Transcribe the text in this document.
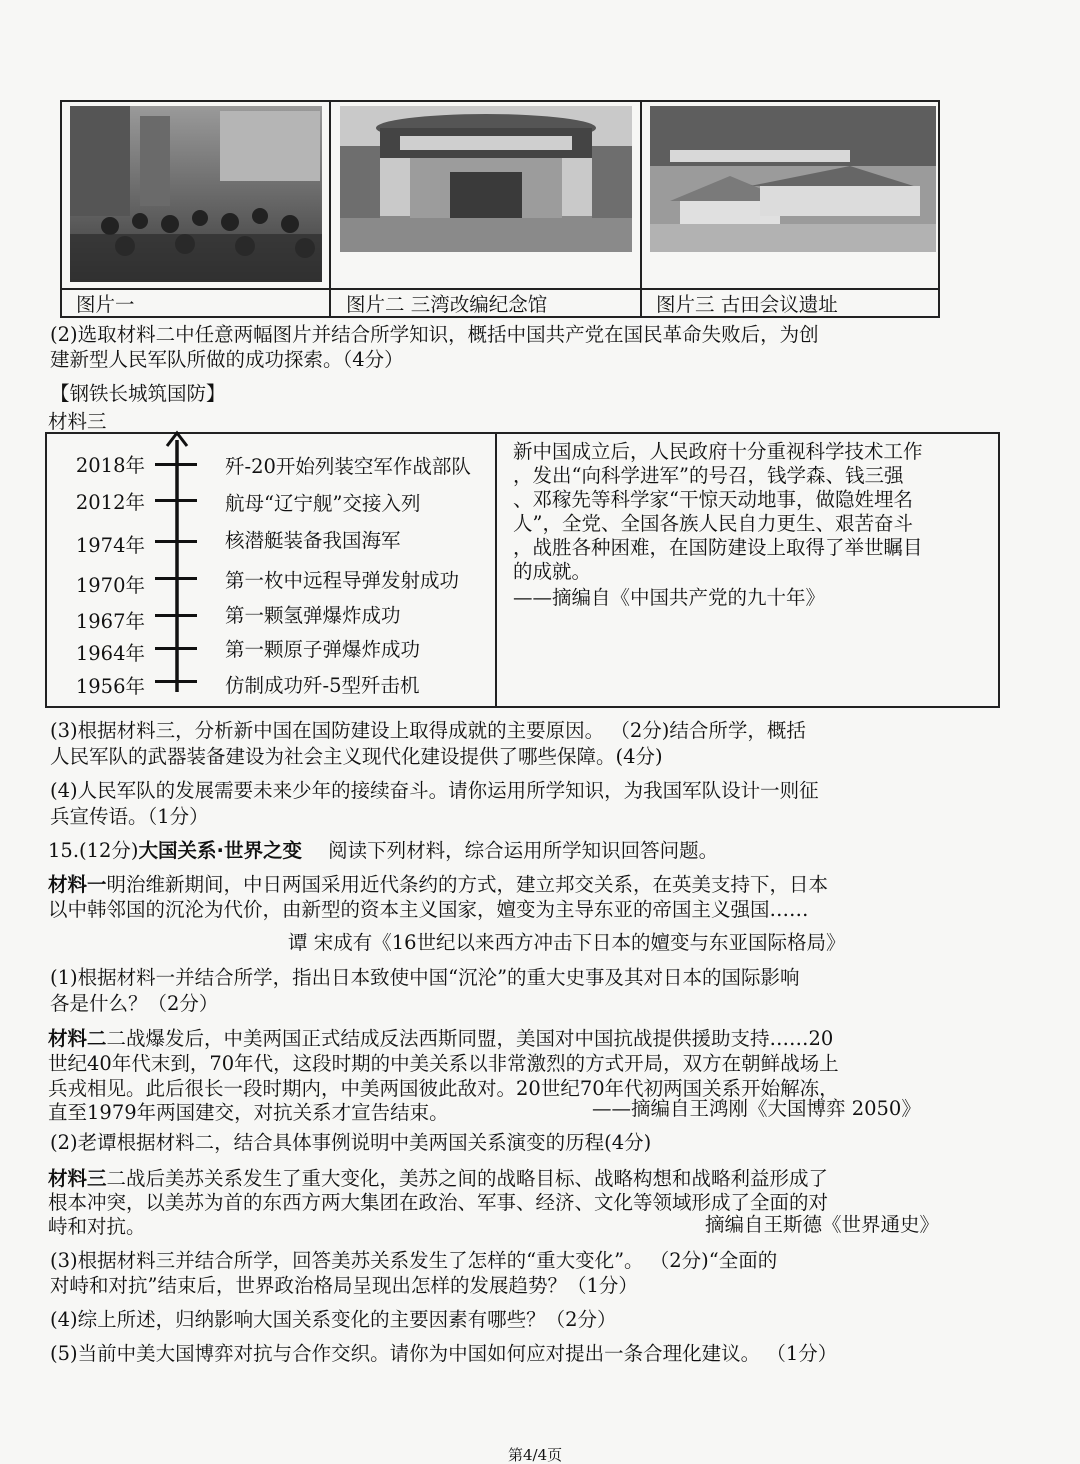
图片一	图片二 三湾改编纪念馆	图片三 古田会议遗址
(2)选取材料二中任意两幅图片并结合所学知识，概括中国共产党在国民革命失败后，为创
建新型人民军队所做的成功探索。（4分）
【钢铁长城筑国防】
材料三
2018年	歼-20开始列装空军作战部队
2012年	航母“辽宁舰”交接入列
1974年	核潜艇装备我国海军
1970年	第一枚中远程导弹发射成功
1967年	第一颗氢弹爆炸成功
1964年	第一颗原子弹爆炸成功
1956年	仿制成功歼-5型歼击机
新中国成立后，人民政府十分重视科学技术工作
，发出“向科学进军”的号召，钱学森、钱三强
、邓稼先等科学家“干惊天动地事，做隐姓埋名
人”，全党、全国各族人民自力更生、艰苦奋斗
，战胜各种困难，在国防建设上取得了举世瞩目
的成就。
——摘编自《中国共产党的九十年》
(3)根据材料三，分析新中国在国防建设上取得成就的主要原因。 （2分)结合所学，概括
人民军队的武器装备建设为社会主义现代化建设提供了哪些保障。(4分)
(4)人民军队的发展需要未来少年的接续奋斗。请你运用所学知识，为我国军队设计一则征
兵宣传语。（1分）
15.(12分)大国关系·世界之变 阅读下列材料，综合运用所学知识回答问题。
材料一明治维新期间，中日两国采用近代条约的方式，建立邦交关系，在英美支持下，日本
以中韩邻国的沉沦为代价，由新型的资本主义国家，嬗变为主导东亚的帝国主义强国……
谭 宋成有《16世纪以来西方冲击下日本的嬗变与东亚国际格局》
(1)根据材料一并结合所学，指出日本致使中国“沉沦”的重大史事及其对日本的国际影响
各是什么？（2分）
材料二二战爆发后，中美两国正式结成反法西斯同盟，美国对中国抗战提供援助支持……20
世纪40年代末到，70年代，这段时期的中美关系以非常激烈的方式开局，双方在朝鲜战场上
兵戎相见。此后很长一段时期内，中美两国彼此敌对。20世纪70年代初两国关系开始解冻，
直至1979年两国建交，对抗关系才宣告结束。	——摘编自王鸿刚《大国博弈 2050》
(2)老谭根据材料二，结合具体事例说明中美两国关系演变的历程(4分)
材料三二战后美苏关系发生了重大变化，美苏之间的战略目标、战略构想和战略利益形成了
根本冲突，以美苏为首的东西方两大集团在政治、军事、经济、文化等领域形成了全面的对
峙和对抗。	摘编自王斯德《世界通史》
(3)根据材料三并结合所学，回答美苏关系发生了怎样的“重大变化”。 （2分)“全面的
对峙和对抗”结束后，世界政治格局呈现出怎样的发展趋势？（1分）
(4)综上所述，归纳影响大国关系变化的主要因素有哪些？（2分）
(5)当前中美大国博弈对抗与合作交织。请你为中国如何应对提出一条合理化建议。 （1分）
第4/4页
